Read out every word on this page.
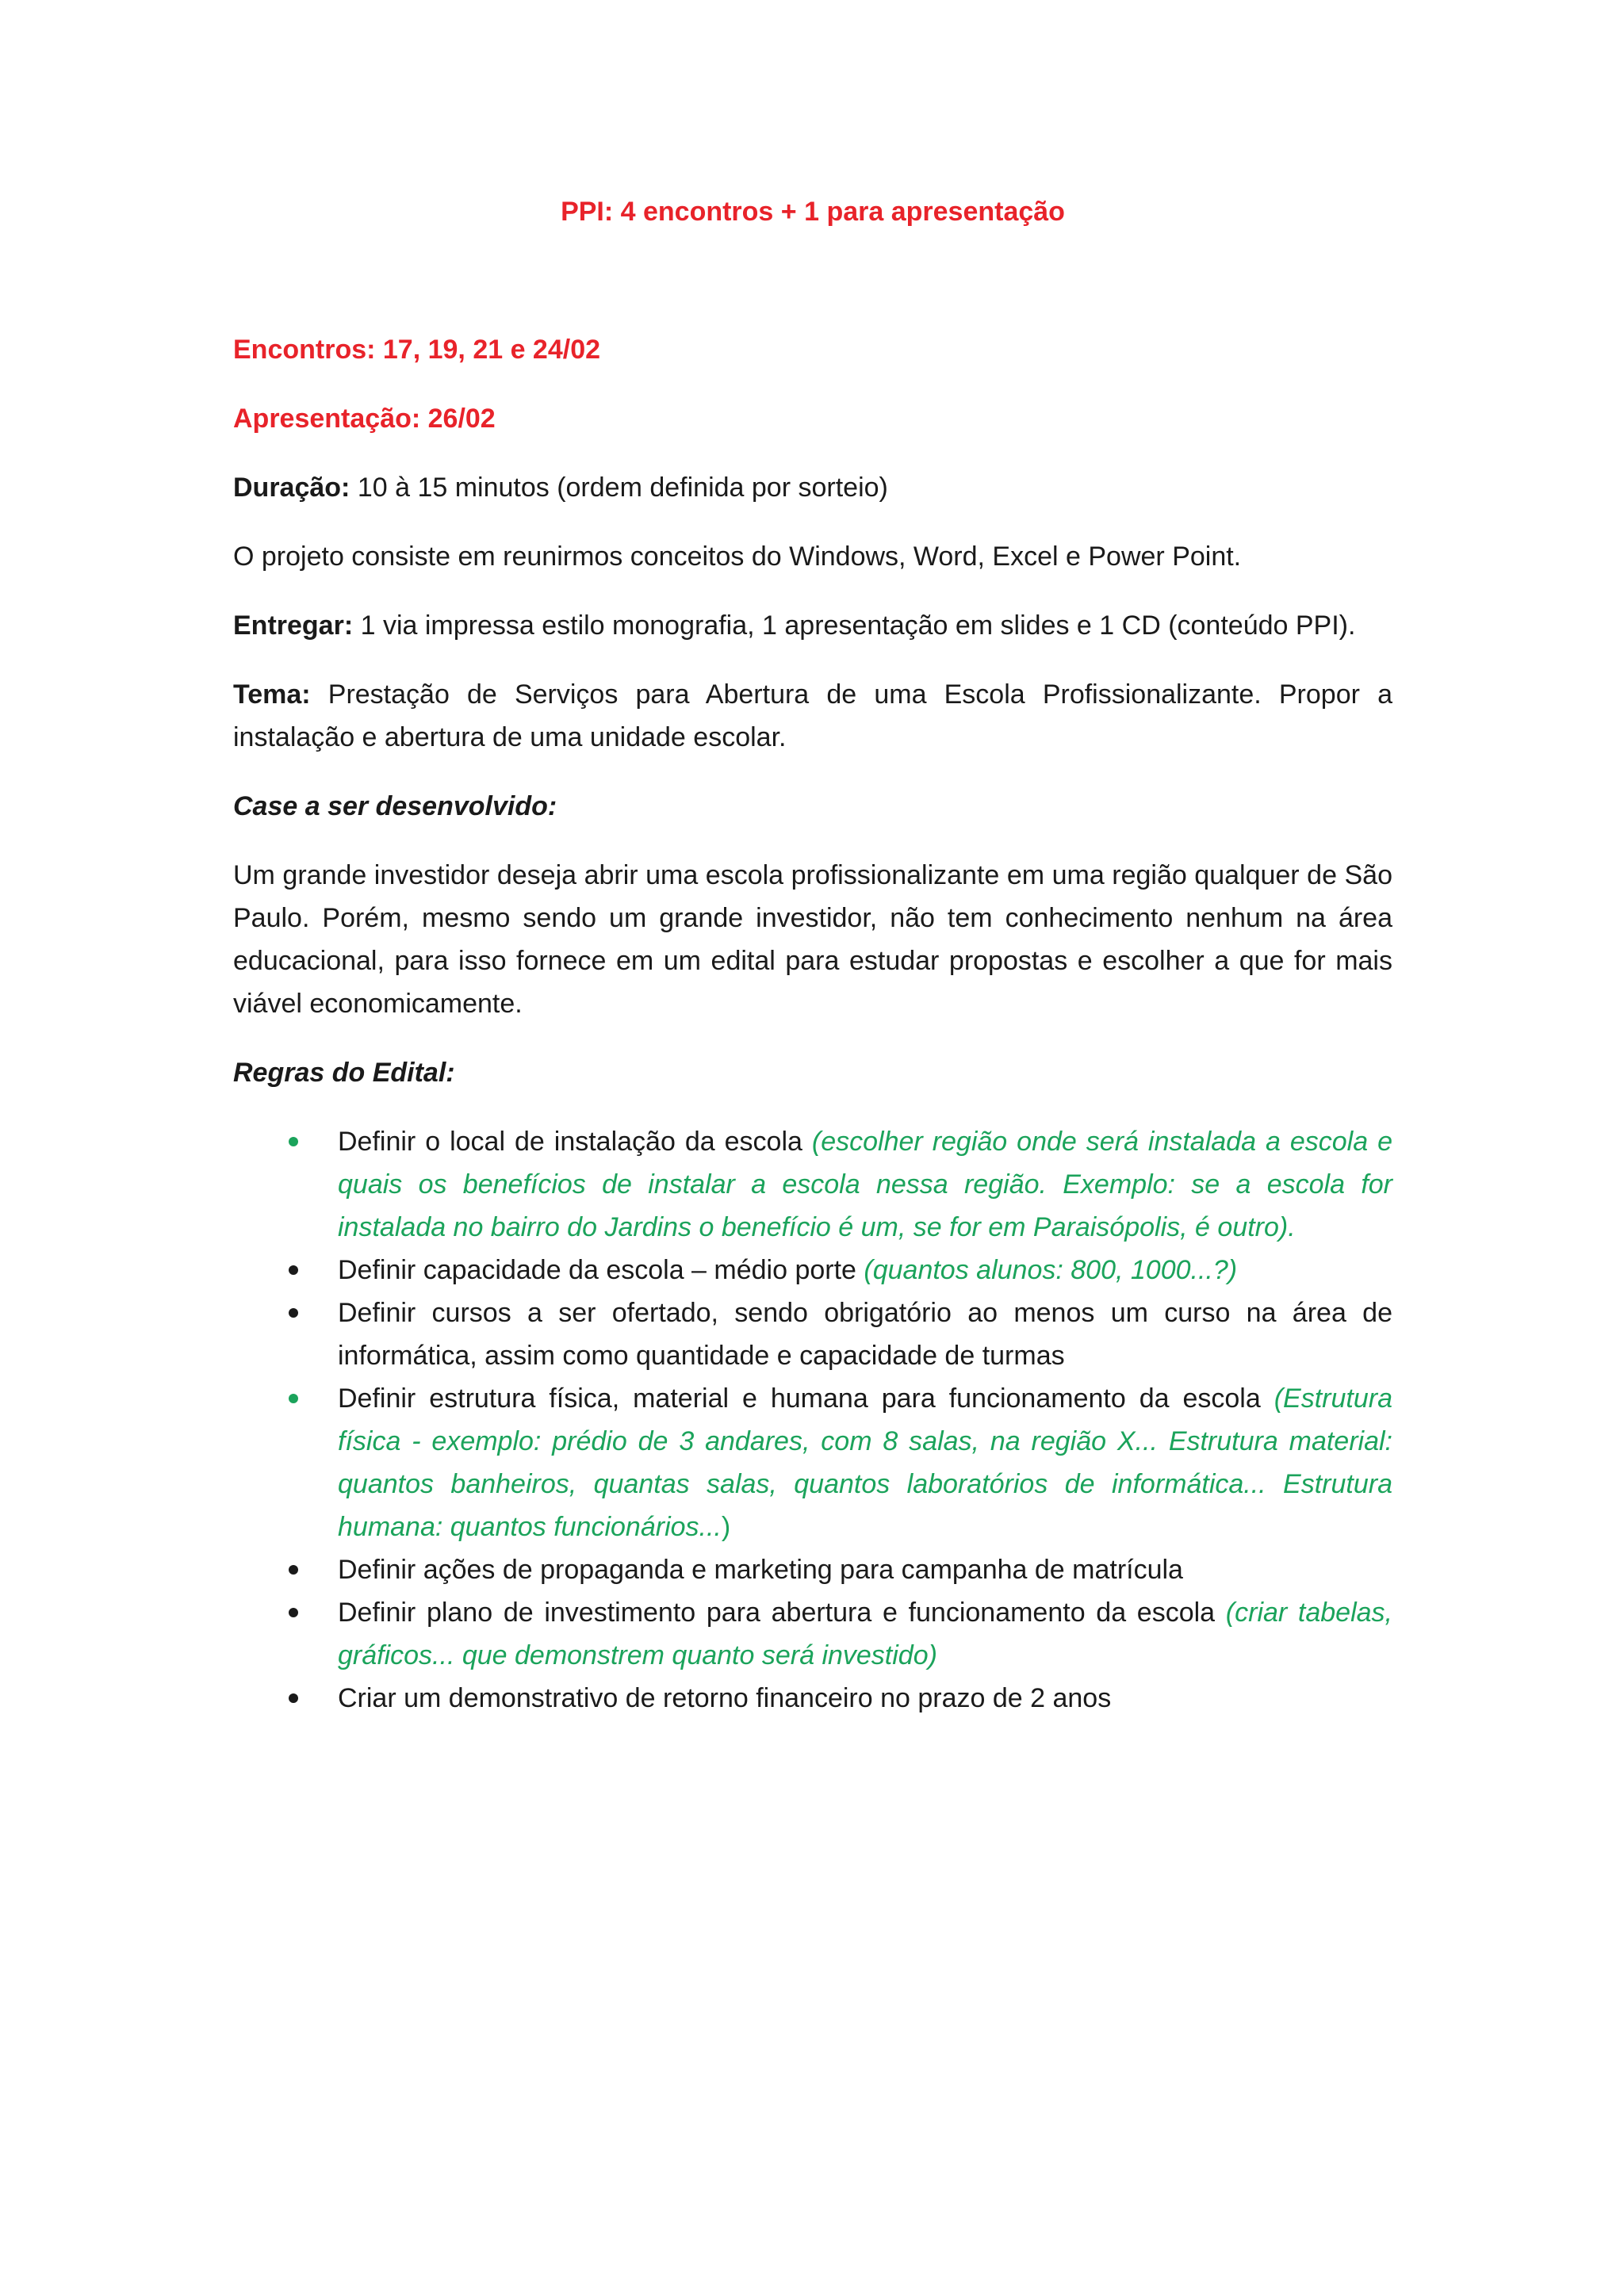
PPI: 4 encontros + 1 para apresentação

Encontros: 17, 19, 21 e 24/02

Apresentação: 26/02

Duração: 10 à 15 minutos (ordem definida por sorteio)

O projeto consiste em reunirmos conceitos do Windows, Word, Excel e Power Point.

Entregar: 1 via impressa estilo monografia, 1 apresentação em slides e 1 CD (conteúdo PPI).

Tema: Prestação de Serviços para Abertura de uma Escola Profissionalizante. Propor a instalação e abertura de uma unidade escolar.

Case a ser desenvolvido:

Um grande investidor deseja abrir uma escola profissionalizante em uma região qualquer de São Paulo. Porém, mesmo sendo um grande investidor, não tem conhecimento nenhum na área educacional, para isso fornece em um edital para estudar propostas e escolher a que for mais viável economicamente.

Regras do Edital:

Definir o local de instalação da escola (escolher região onde será instalada a escola e quais os benefícios de instalar a escola nessa região. Exemplo: se a escola for instalada no bairro do Jardins o benefício é um, se for em Paraisópolis, é outro).
Definir capacidade da escola – médio porte (quantos alunos: 800, 1000...?)
Definir cursos a ser ofertado, sendo obrigatório ao menos um curso na área de informática, assim como quantidade e capacidade de turmas
Definir estrutura física, material e humana para funcionamento da escola (Estrutura física - exemplo: prédio de 3 andares, com 8 salas, na região X... Estrutura material: quantos banheiros, quantas salas, quantos laboratórios de informática... Estrutura humana: quantos funcionários...)
Definir ações de propaganda e marketing para campanha de matrícula
Definir plano de investimento para abertura e funcionamento da escola (criar tabelas, gráficos... que demonstrem quanto será investido)
Criar um demonstrativo de retorno financeiro no prazo de 2 anos
